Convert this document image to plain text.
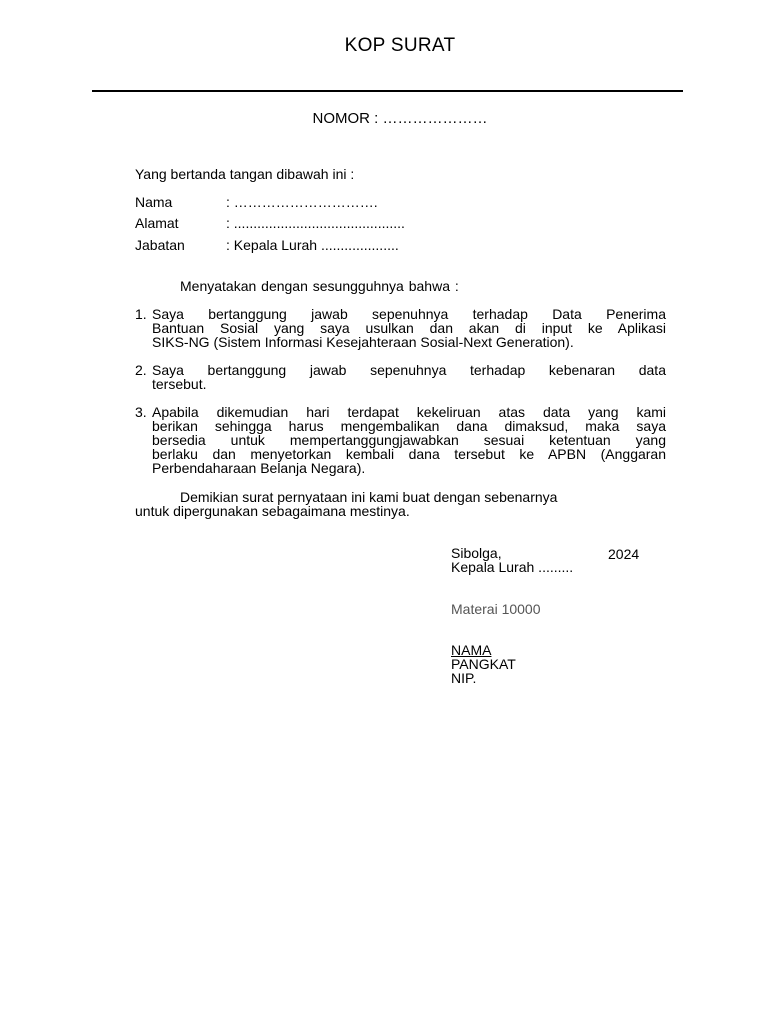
KOP SURAT
NOMOR : …………………
Yang bertanda tangan dibawah ini :
Nama	: ………………………….
Alamat	: ............................................
Jabatan	: Kepala Lurah ....................
Menyatakan dengan sesungguhnya bahwa :
1. Saya bertanggung jawab sepenuhnya terhadap Data Penerima
Bantuan Sosial yang saya usulkan dan akan di input ke Aplikasi
SIKS-NG (Sistem Informasi Kesejahteraan Sosial-Next Generation).
2. Saya bertanggung jawab sepenuhnya terhadap kebenaran data
tersebut.
3. Apabila dikemudian hari terdapat kekeliruan atas data yang kami
berikan sehingga harus mengembalikan dana dimaksud, maka saya
bersedia untuk mempertanggungjawabkan sesuai ketentuan yang
berlaku dan menyetorkan kembali dana tersebut ke APBN (Anggaran
Perbendaharaan Belanja Negara).
Demikian surat pernyataan ini kami buat dengan sebenarnya
untuk dipergunakan sebagaimana mestinya.
Sibolga,	2024
Kepala Lurah .........
Materai 10000
NAMA
PANGKAT
NIP.
